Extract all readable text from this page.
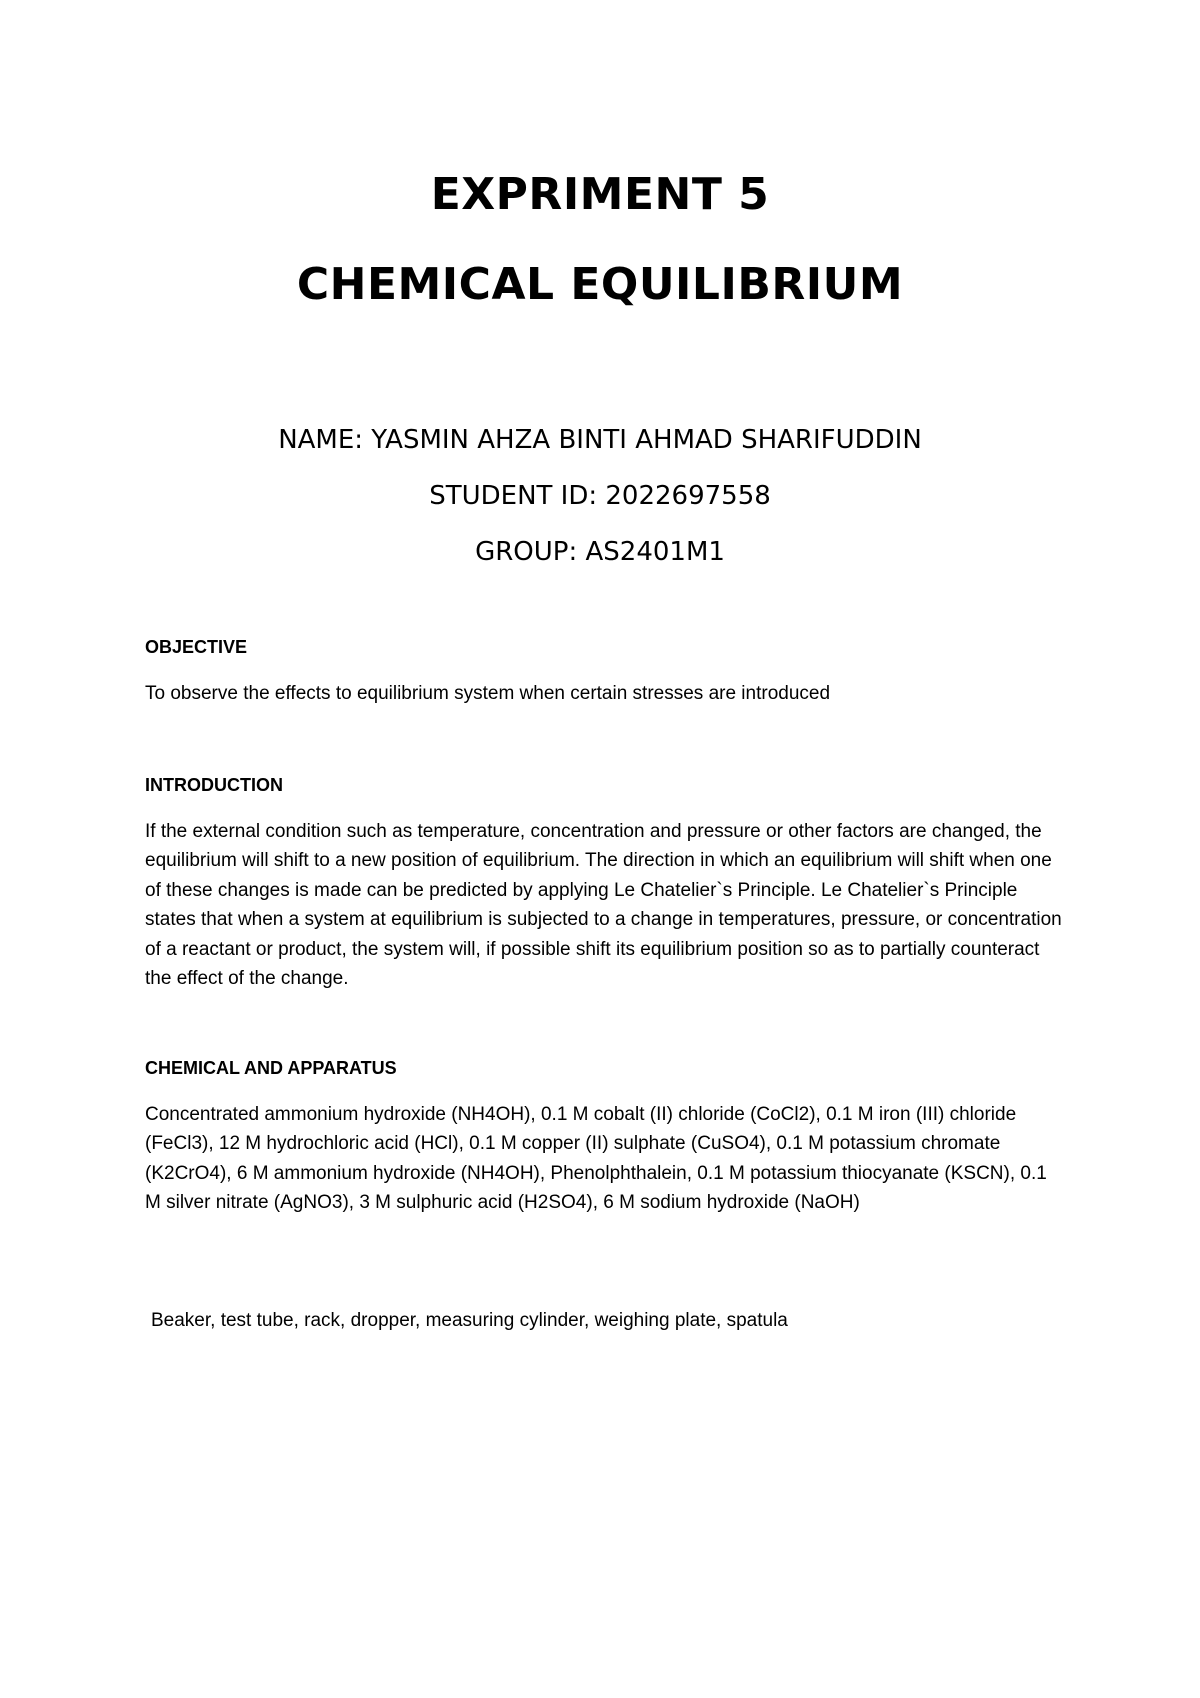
EXPRIMENT 5
CHEMICAL EQUILIBRIUM
NAME: YASMIN AHZA BINTI AHMAD SHARIFUDDIN
STUDENT ID: 2022697558
GROUP: AS2401M1
OBJECTIVE
To observe the effects to equilibrium system when certain stresses are introduced
INTRODUCTION
If the external condition such as temperature, concentration and pressure or other factors are changed, the equilibrium will shift to a new position of equilibrium. The direction in which an equilibrium will shift when one of these changes is made can be predicted by applying Le Chatelier`s Principle. Le Chatelier`s Principle states that when a system at equilibrium is subjected to a change in temperatures, pressure, or concentration of a reactant or product, the system will, if possible shift its equilibrium position so as to partially counteract the effect of the change.
CHEMICAL AND APPARATUS
Concentrated ammonium hydroxide (NH4OH), 0.1 M cobalt (II) chloride (CoCl2), 0.1 M iron (III) chloride (FeCl3), 12 M hydrochloric acid (HCl), 0.1 M copper (II) sulphate (CuSO4), 0.1 M potassium chromate (K2CrO4), 6 M ammonium hydroxide (NH4OH), Phenolphthalein, 0.1 M potassium thiocyanate (KSCN), 0.1 M silver nitrate (AgNO3), 3 M sulphuric acid (H2SO4), 6 M sodium hydroxide (NaOH)
Beaker, test tube, rack, dropper, measuring cylinder, weighing plate, spatula
